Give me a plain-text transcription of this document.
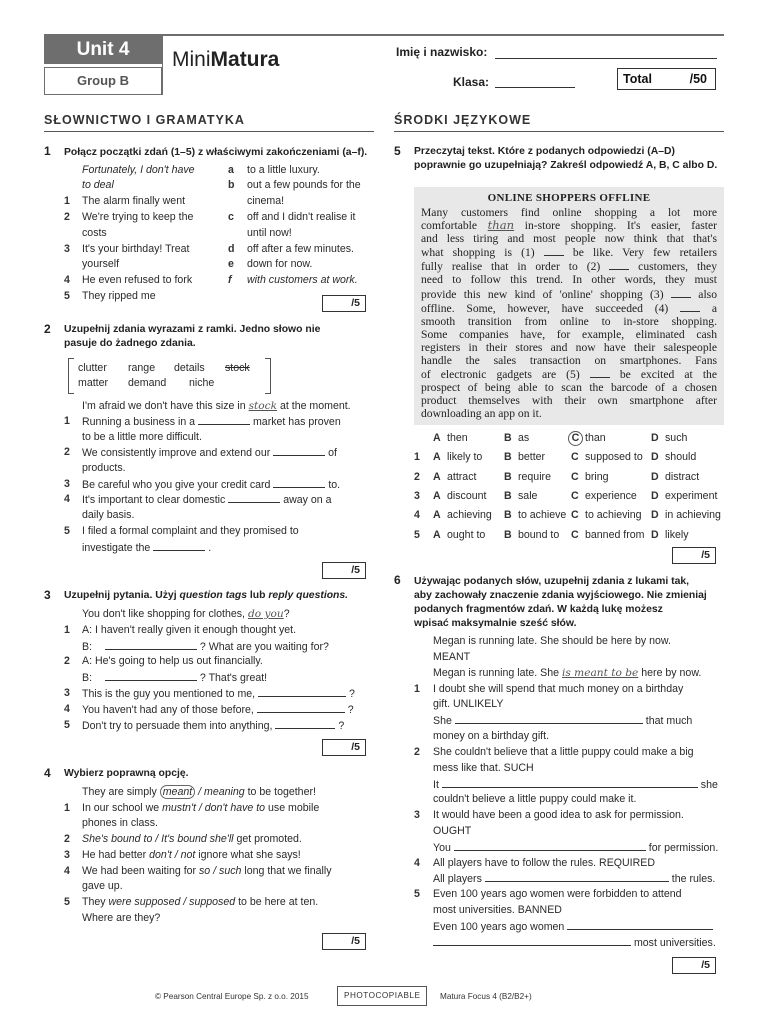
Unit 4
Group B
MiniMatura	Imię i nazwisko:
Klasa:	Total	/50
SŁOWNICTWO I GRAMATYKA	ŚRODKI JĘZYKOWE
1 Połącz początki zdań (1–5) z właściwymi zakończeniami (a–f).
Fortunately, I don't have
to deal
1 The alarm finally went
2 We're trying to keep the
costs
3 It's your birthday! Treat
yourself
4 He even refused to fork
5 They ripped me
a to a little luxury.
b out a few pounds for the
cinema!
c off and I didn't realise it
until now!
d off after a few minutes.
e down for now.
f with customers at work.
/5
2 Uzupełnij zdania wyrazami z ramki. Jedno słowo nie
pasuje do żadnego zdania.
clutter range details stock
matter demand niche
I'm afraid we don't have this size in stock at the moment.
1 Running a business in a	market has proven
to be a little more difficult.
2 We consistently improve and extend our	of
products.
3 Be careful who you give your credit card	to.
4 It's important to clear domestic	away on a
daily basis.
5 I filed a formal complaint and they promised to
investigate the	.
/5
3 Uzupełnij pytania. Użyj question tags lub reply questions.
You don't like shopping for clothes, do you?
1 A: I haven't really given it enough thought yet.
B:	? What are you waiting for?
2 A: He's going to help us out financially.
B:	? That's great!
3 This is the guy you mentioned to me,	?
4 You haven't had any of those before,	?
5 Don't try to persuade them into anything,	?
/5
4 Wybierz poprawną opcję.
They are simply meant / meaning to be together!
1 In our school we mustn't / don't have to use mobile
phones in class.
2 She's bound to / It's bound she'll get promoted.
3 He had better don't / not ignore what she says!
4 We had been waiting for so / such long that we finally
gave up.
5 They were supposed / supposed to be here at ten.
Where are they?
/5
5 Przeczytaj tekst. Które z podanych odpowiedzi (A–D)
poprawnie go uzupełniają? Zakreśl odpowiedź A, B, C albo D.
ONLINE SHOPPERS OFFLINE
Many customers find online shopping a lot more
comfortable than in-store shopping. It's easier, faster
and less tiring and most people now think that that's
what shopping is (1)  be like. Very few retailers
fully realise that in order to (2)  customers, they
need to follow this trend. In other words, they must
provide this new kind of 'online' shopping (3)  also
offline. Some, however, have succeeded (4)  a
smooth transition from online to in-store shopping.
Some companies have, for example, eliminated cash
registers in their stores and now have their salespeople
handle the sales transaction on smartphones. Fans
of electronic gadgets are (5)  be excited at the
prospect of being able to scan the barcode of a chosen
product themselves with their own smartphone after
downloading an app on it.
A then	B as	C than	D such
1 A likely to B better C supposed to D should
2 A attract	B require C bring	D distract
3 A discount B sale	C experience D experiment
4 A achieving B to achieve C to achieving D in achieving
5 A ought to B bound to C banned from D likely
/5
6 Używając podanych słów, uzupełnij zdania z lukami tak,
aby zachowały znaczenie zdania wyjściowego. Nie zmieniaj
podanych fragmentów zdań. W każdą lukę możesz
wpisać maksymalnie sześć słów.
Megan is running late. She should be here by now.
MEANT
Megan is running late. She is meant to be here by now.
1 I doubt she will spend that much money on a birthday
gift. UNLIKELY
She	that much
money on a birthday gift.
2 She couldn't believe that a little puppy could make a big
mess like that. SUCH
It	she
couldn't believe a little puppy could make it.
3 It would have been a good idea to ask for permission.
OUGHT
You	for permission.
4 All players have to follow the rules. REQUIRED
All players	the rules.
5 Even 100 years ago women were forbidden to attend
most universities. BANNED
Even 100 years ago women
most universities.
/5
© Pearson Central Europe Sp. z o.o. 2015	PHOTOCOPIABLE	Matura Focus 4 (B2/B2+)
